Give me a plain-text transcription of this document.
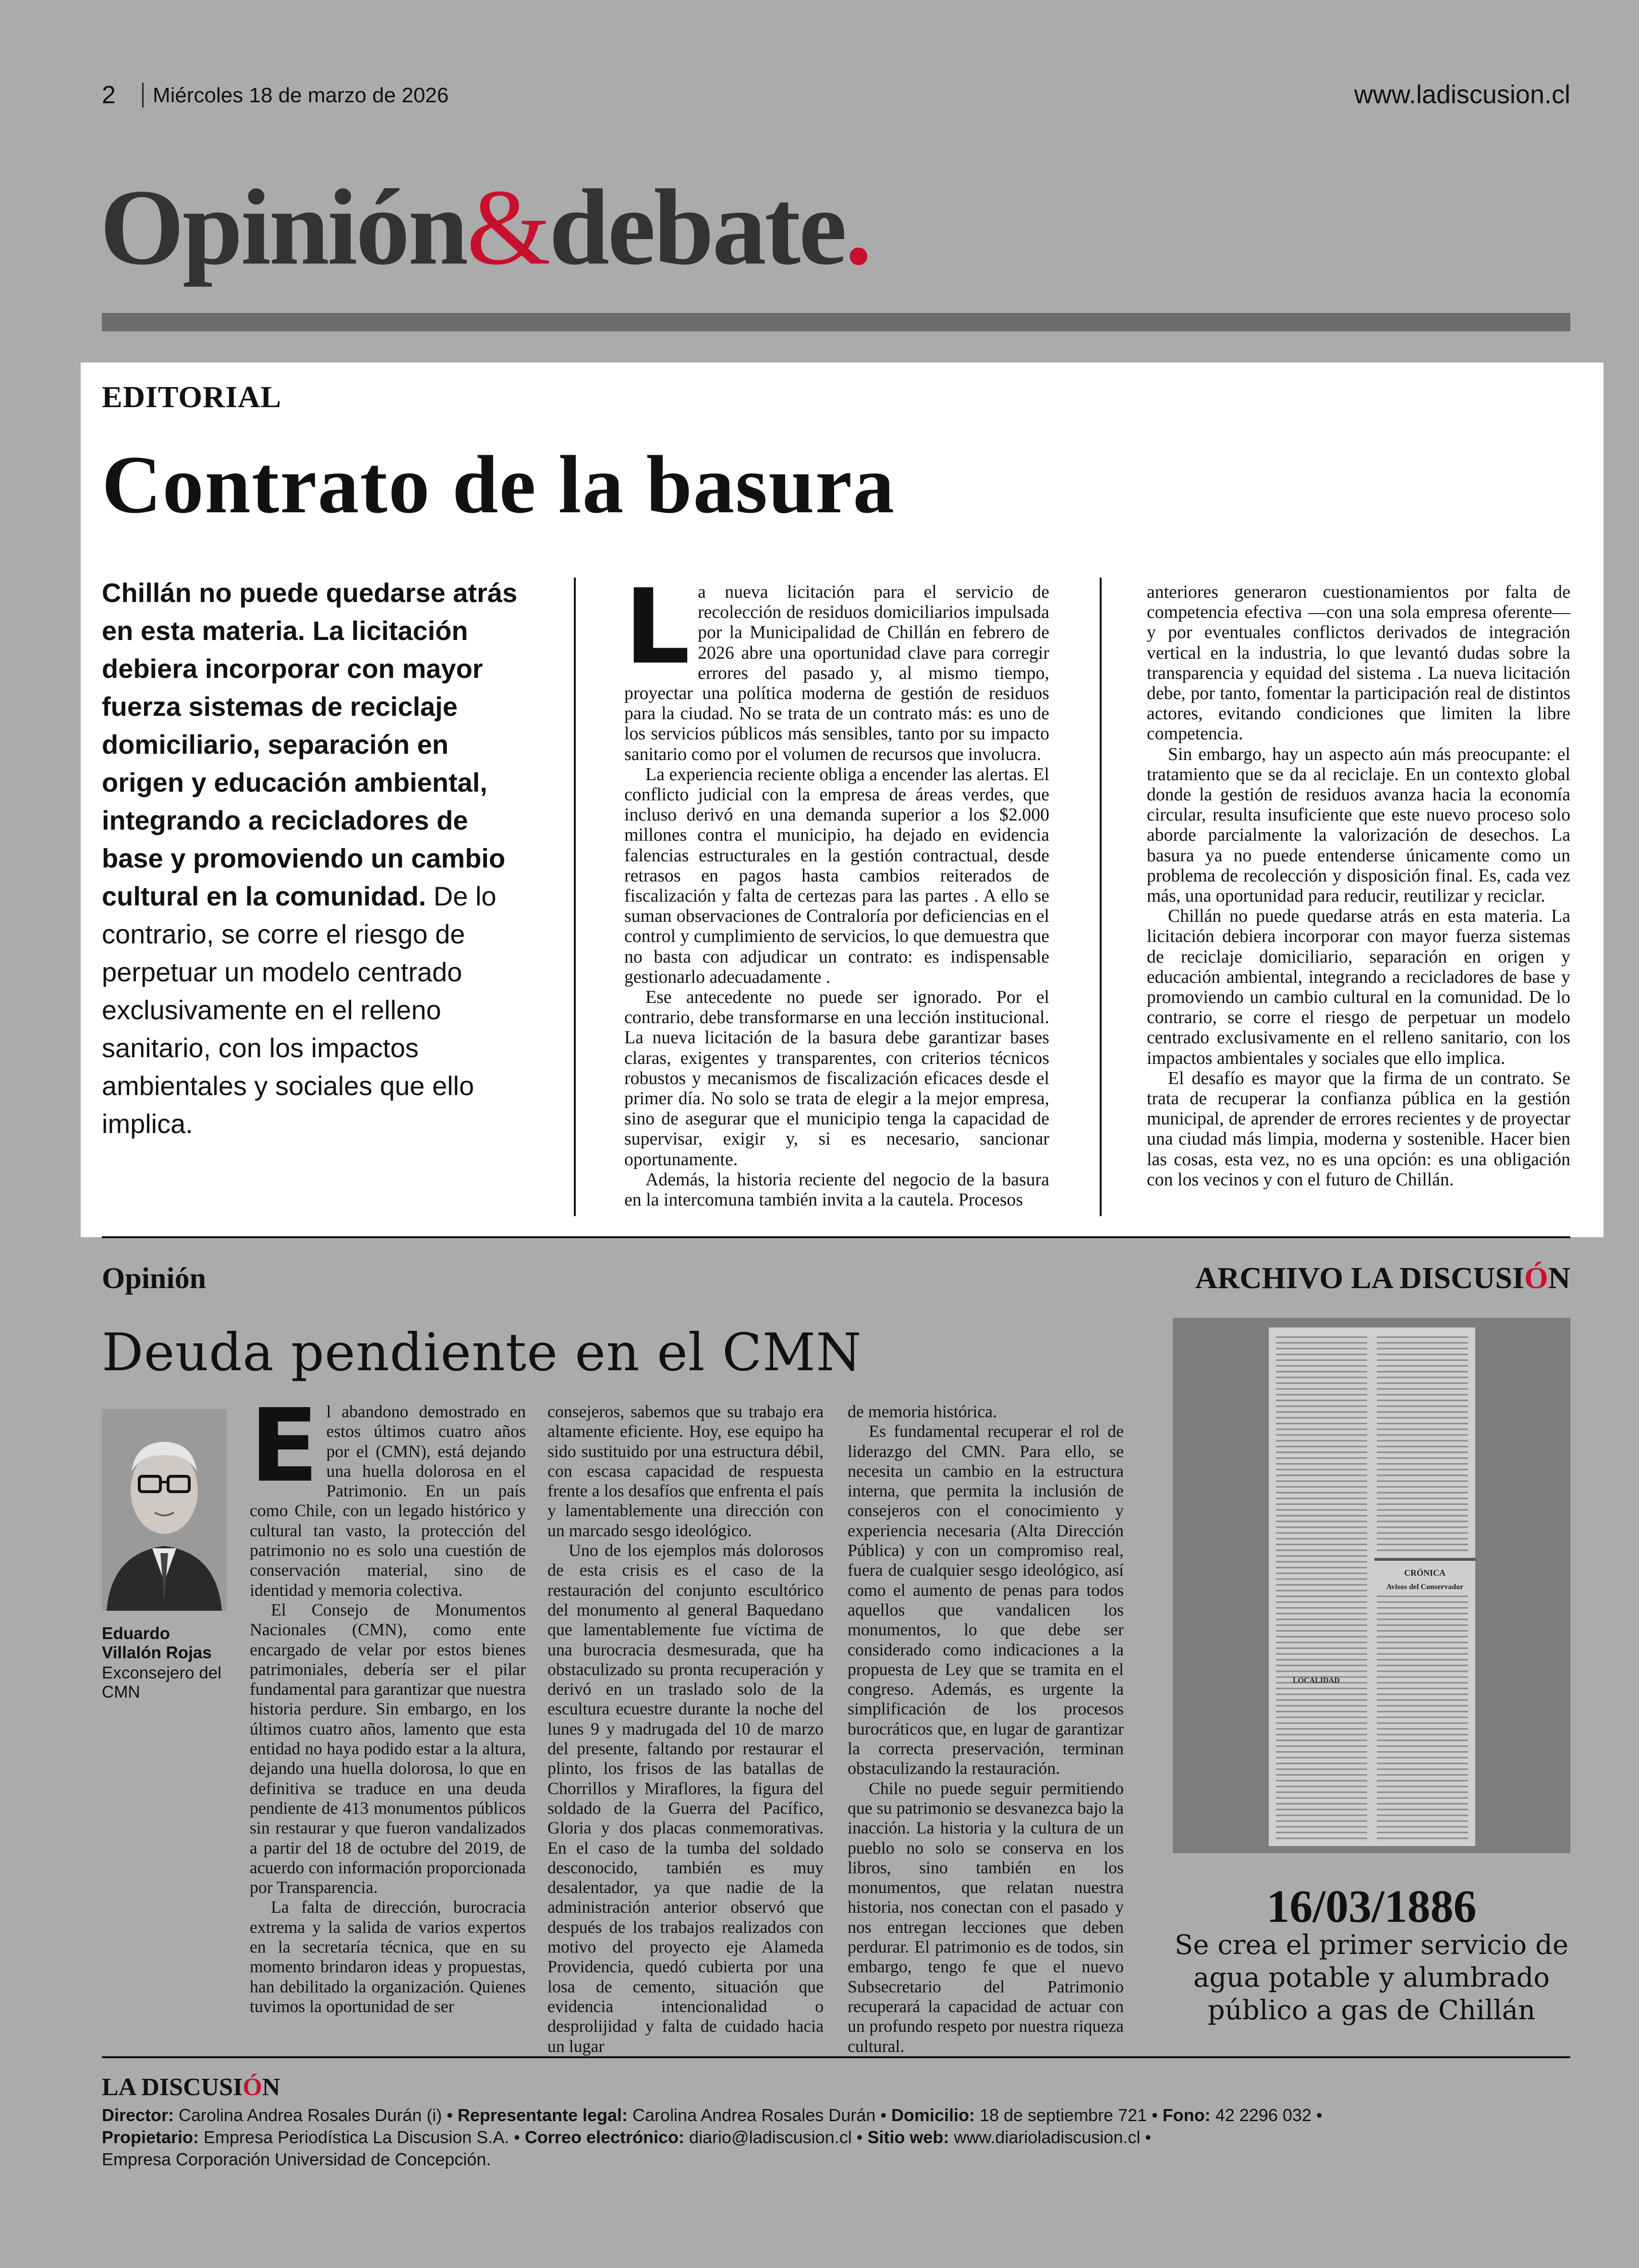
2 Miércoles 18 de marzo de 2026	www.ladiscusion.cl
Opinión&debate.
EDITORIAL
Contrato de la basura
Chillán no puede quedarse atrás en esta materia. La licitación debiera incorporar con mayor fuerza sistemas de reciclaje domiciliario, separación en origen y educación ambiental, integrando a recicladores de base y promoviendo un cambio cultural en la comunidad. De lo contrario, se corre el riesgo de perpetuar un modelo centrado exclusivamente en el relleno sanitario, con los impactos ambientales y sociales que ello implica.
L a nueva licitación para el servicio de recolección de residuos domiciliarios impulsada por la Municipalidad de Chillán en febrero de 2026 abre una oportunidad clave para corregir errores del pasado y, al mismo tiempo, proyectar una política moderna de gestión de residuos para la ciudad. No se trata de un contrato más: es uno de los servicios públicos más sensibles, tanto por su impacto sanitario como por el volumen de recursos que involucra.

La experiencia reciente obliga a encender las alertas. El conflicto judicial con la empresa de áreas verdes, que incluso derivó en una demanda superior a los $2.000 millones contra el municipio, ha dejado en evidencia falencias estructurales en la gestión contractual, desde retrasos en pagos hasta cambios reiterados de fiscalización y falta de certezas para las partes . A ello se suman observaciones de Contraloría por deficiencias en el control y cumplimiento de servicios, lo que demuestra que no basta con adjudicar un contrato: es indispensable gestionarlo adecuadamente .

Ese antecedente no puede ser ignorado. Por el contrario, debe transformarse en una lección institucional. La nueva licitación de la basura debe garantizar bases claras, exigentes y transparentes, con criterios técnicos robustos y mecanismos de fiscalización eficaces desde el primer día. No solo se trata de elegir a la mejor empresa, sino de asegurar que el municipio tenga la capacidad de supervisar, exigir y, si es necesario, sancionar oportunamente.

Además, la historia reciente del negocio de la basura en la intercomuna también invita a la cautela. Procesos

anteriores generaron cuestionamientos por falta de competencia efectiva —con una sola empresa oferente— y por eventuales conflictos derivados de integración vertical en la industria, lo que levantó dudas sobre la transparencia y equidad del sistema . La nueva licitación debe, por tanto, fomentar la participación real de distintos actores, evitando condiciones que limiten la libre competencia.

Sin embargo, hay un aspecto aún más preocupante: el tratamiento que se da al reciclaje. En un contexto global donde la gestión de residuos avanza hacia la economía circular, resulta insuficiente que este nuevo proceso solo aborde parcialmente la valorización de desechos. La basura ya no puede entenderse únicamente como un problema de recolección y disposición final. Es, cada vez más, una oportunidad para reducir, reutilizar y reciclar.

Chillán no puede quedarse atrás en esta materia. La licitación debiera incorporar con mayor fuerza sistemas de reciclaje domiciliario, separación en origen y educación ambiental, integrando a recicladores de base y promoviendo un cambio cultural en la comunidad. De lo contrario, se corre el riesgo de perpetuar un modelo centrado exclusivamente en el relleno sanitario, con los impactos ambientales y sociales que ello implica.

El desafío es mayor que la firma de un contrato. Se trata de recuperar la confianza pública en la gestión municipal, de aprender de errores recientes y de proyectar una ciudad más limpia, moderna y sostenible. Hacer bien las cosas, esta vez, no es una opción: es una obligación con los vecinos y con el futuro de Chillán.

Opinión
Deuda pendiente en el CMN
Eduardo Villalón Rojas
Exconsejero del CMN
E l abandono demostrado en estos últimos cuatro años por el (CMN), está dejando una huella dolorosa en el Patrimonio. En un país como Chile, con un legado histórico y cultural tan vasto, la protección del patrimonio no es solo una cuestión de conservación material, sino de identidad y memoria colectiva.

El Consejo de Monumentos Nacionales (CMN), como ente encargado de velar por estos bienes patrimoniales, debería ser el pilar fundamental para garantizar que nuestra historia perdure. Sin embargo, en los últimos cuatro años, lamento que esta entidad no haya podido estar a la altura, dejando una huella dolorosa, lo que en definitiva se traduce en una deuda pendiente de 413 monumentos públicos sin restaurar y que fueron vandalizados a partir del 18 de octubre del 2019, de acuerdo con información proporcionada por Transparencia.

La falta de dirección, burocracia extrema y la salida de varios expertos en la secretaría técnica, que en su momento brindaron ideas y propuestas, han debilitado la organización. Quienes tuvimos la oportunidad de ser

consejeros, sabemos que su trabajo era altamente eficiente. Hoy, ese equipo ha sido sustituido por una estructura débil, con escasa capacidad de respuesta frente a los desafíos que enfrenta el país y lamentablemente una dirección con un marcado sesgo ideológico.

Uno de los ejemplos más dolorosos de esta crisis es el caso de la restauración del conjunto escultórico del monumento al general Baquedano que lamentablemente fue víctima de una burocracia desmesurada, que ha obstaculizado su pronta recuperación y derivó en un traslado solo de la escultura ecuestre durante la noche del lunes 9 y madrugada del 10 de marzo del presente, faltando por restaurar el plinto, los frisos de las batallas de Chorrillos y Miraflores, la figura del soldado de la Guerra del Pacífico, Gloria y dos placas conmemorativas. En el caso de la tumba del soldado desconocido, también es muy desalentador, ya que nadie de la administración anterior observó que después de los trabajos realizados con motivo del proyecto eje Alameda Providencia, quedó cubierta por una losa de cemento, situación que evidencia intencionalidad o desprolijidad y falta de cuidado hacia un lugar

de memoria histórica.

Es fundamental recuperar el rol de liderazgo del CMN. Para ello, se necesita un cambio en la estructura interna, que permita la inclusión de consejeros con el conocimiento y experiencia necesaria (Alta Dirección Pública) y con un compromiso real, fuera de cualquier sesgo ideológico, así como el aumento de penas para todos aquellos que vandalicen los monumentos, lo que debe ser considerado como indicaciones a la propuesta de Ley que se tramita en el congreso. Además, es urgente la simplificación de los procesos burocráticos que, en lugar de garantizar la correcta preservación, terminan obstaculizando la restauración.

Chile no puede seguir permitiendo que su patrimonio se desvanezca bajo la inacción. La historia y la cultura de un pueblo no solo se conserva en los libros, sino también en los monumentos, que relatan nuestra historia, nos conectan con el pasado y nos entregan lecciones que deben perdurar. El patrimonio es de todos, sin embargo, tengo fe que el nuevo Subsecretario del Patrimonio recuperará la capacidad de actuar con un profundo respeto por nuestra riqueza cultural.

ARCHIVO LA DISCUSIÓN
CRÓNICA
Avisos del Conservador
LOCALIDAD
16/03/1886
Se crea el primer servicio de agua potable y alumbrado público a gas de Chillán
LA DISCUSIÓN
Director: Carolina Andrea Rosales Durán (i) • Representante legal: Carolina Andrea Rosales Durán • Domicilio: 18 de septiembre 721 • Fono: 42 2296 032 •
Propietario: Empresa Periodística La Discusion S.A. • Correo electrónico: diario@ladiscusion.cl • Sitio web: www.diarioladiscusion.cl •
Empresa Corporación Universidad de Concepción.
